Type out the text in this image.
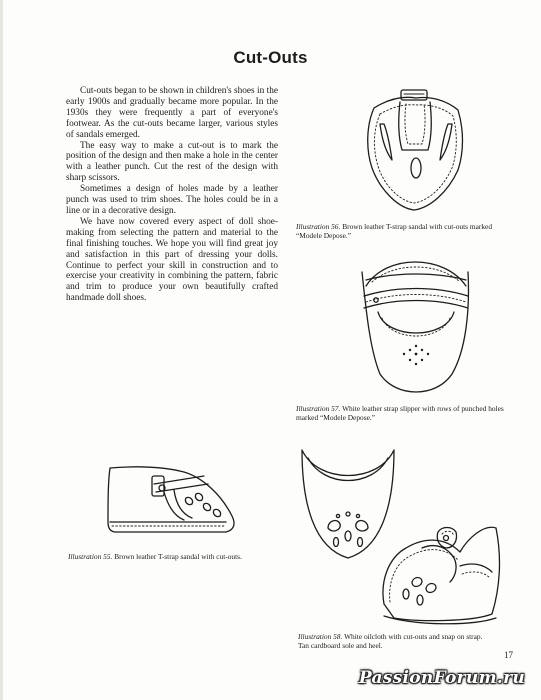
Cut-Outs

Cut-outs began to be shown in children's shoes in the early 1900s and gradually became more popular. In the 1930s they were frequently a part of everyone's footwear. As the cut-outs became larger, various styles of sandals emerged.

The easy way to make a cut-out is to mark the position of the design and then make a hole in the center with a leather punch. Cut the rest of the design with sharp scissors.

Sometimes a design of holes made by a leather punch was used to trim shoes. The holes could be in a line or in a decorative design.

We have now covered every aspect of doll shoe-making from selecting the pattern and material to the final finishing touches. We hope you will find great joy and satisfaction in this part of dressing your dolls. Continue to perfect your skill in construction and to exercise your creativity in combining the pattern, fabric and trim to produce your own beautifully crafted handmade doll shoes.

Illustration 56. Brown leather T-strap sandal with cut-outs marked “Modele Depose.”
Illustration 57. White leather strap slipper with rows of punched holes marked “Modele Depose.”
Illustration 55. Brown leather T-strap sandal with cut-outs.
Illustration 58. White oilcloth with cut-outs and snap on strap. Tan cardboard sole and heel.
17
PassionForum.ru
